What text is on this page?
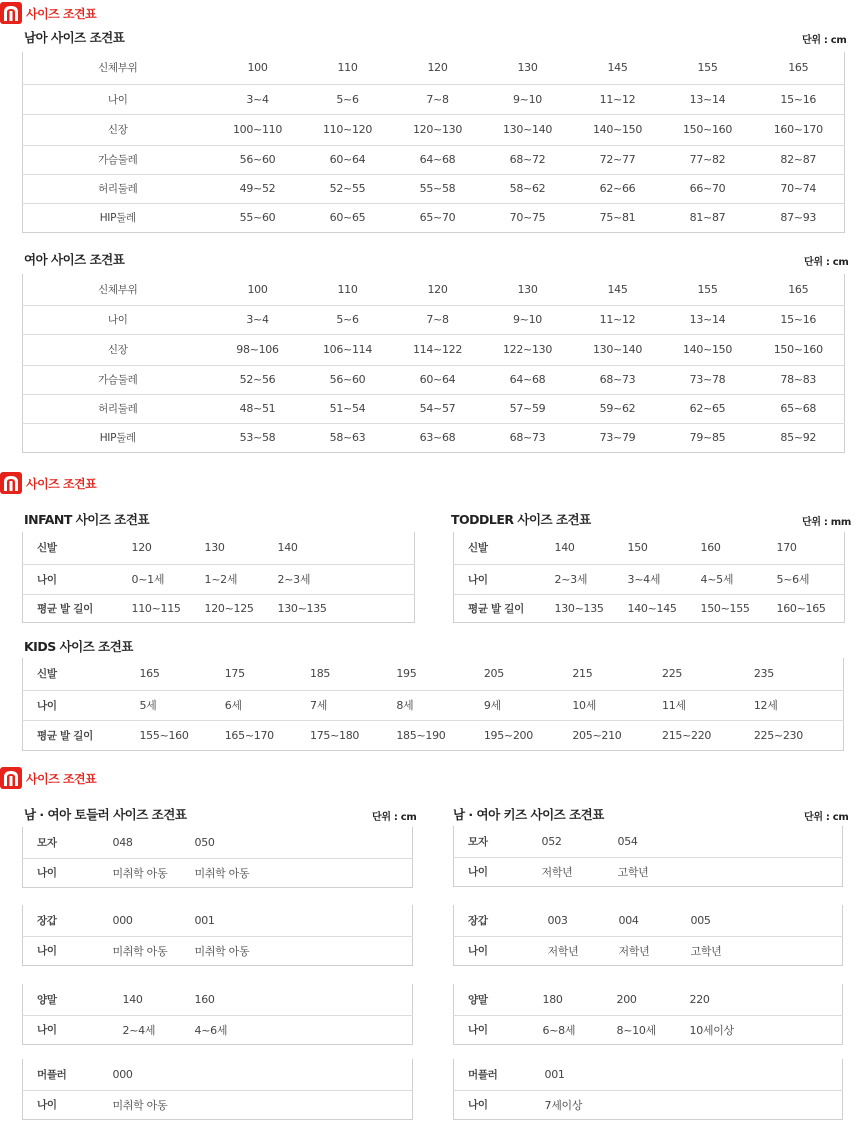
사이즈 조견표
남아 사이즈 조견표	단위 : cm
신체부위	100	110	120	130	145	155	165
나이	3~4	5~6	7~8	9~10	11~12	13~14	15~16
신장	100~110	110~120	120~130	130~140	140~150	150~160	160~170
가슴둘레	56~60	60~64	64~68	68~72	72~77	77~82	82~87
허리둘레	49~52	52~55	55~58	58~62	62~66	66~70	70~74
HIP둘레	55~60	60~65	65~70	70~75	75~81	81~87	87~93
여아 사이즈 조견표	단위 : cm
신체부위	100	110	120	130	145	155	165
나이	3~4	5~6	7~8	9~10	11~12	13~14	15~16
신장	98~106	106~114	114~122	122~130	130~140	140~150	150~160
가슴둘레	52~56	56~60	60~64	64~68	68~73	73~78	78~83
허리둘레	48~51	51~54	54~57	57~59	59~62	62~65	65~68
HIP둘레	53~58	58~63	63~68	68~73	73~79	79~85	85~92
사이즈 조견표
INFANT 사이즈 조견표
신발	120	130	140
나이	0~1세	1~2세	2~3세
평균 발 길이	110~115	120~125	130~135
TODDLER 사이즈 조견표	단위 : mm
신발	140	150	160	170
나이	2~3세	3~4세	4~5세	5~6세
평균 발 길이	130~135	140~145	150~155	160~165
KIDS 사이즈 조견표
신발	165	175	185	195	205	215	225	235
나이	5세	6세	7세	8세	9세	10세	11세	12세
평균 발 길이	155~160	165~170	175~180	185~190	195~200	205~210	215~220	225~230
사이즈 조견표
남 · 여아 토들러 사이즈 조견표	단위 : cm	남 · 여아 키즈 사이즈 조견표	단위 : cm
모자	048	050
나이	미취학 아동	미취학 아동
장갑	000	001
나이	미취학 아동	미취학 아동
양말	140	160
나이	2~4세	4~6세
머플러	000
나이	미취학 아동
모자	052	054
나이	저학년	고학년
장갑	003	004	005
나이	저학년	저학년	고학년
양말	180	200	220
나이	6~8세	8~10세	10세이상
머플러	001
나이	7세이상
